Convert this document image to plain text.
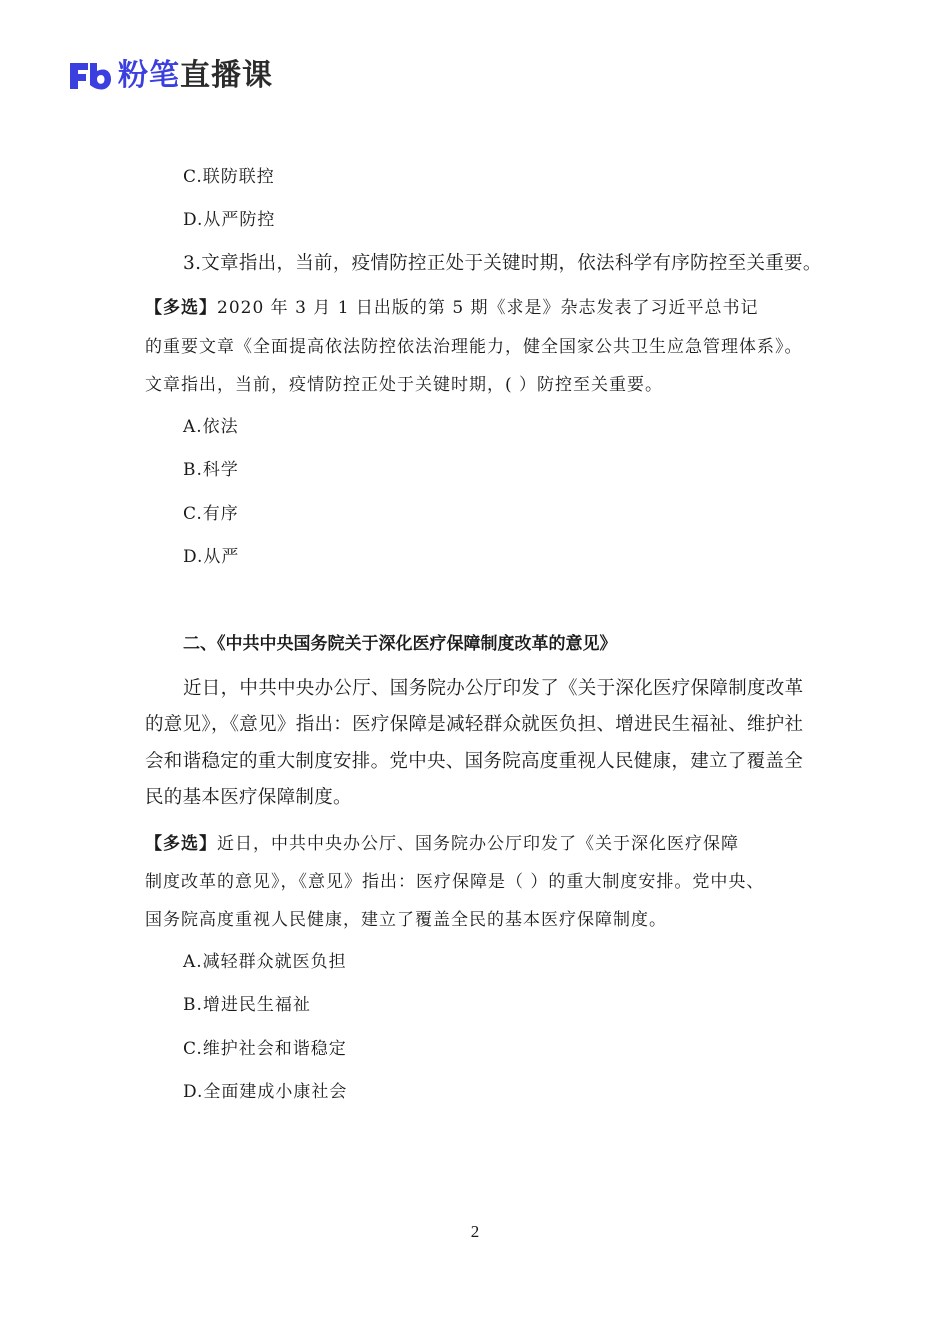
粉笔直播课
C.联防联控
D.从严防控
3.文章指出，当前，疫情防控正处于关键时期，依法科学有序防控至关重要。
【多选】2020 年 3 月 1 日出版的第 5 期《求是》杂志发表了习近平总书记
的重要文章《全面提高依法防控依法治理能力，健全国家公共卫生应急管理体系》。
文章指出，当前，疫情防控正处于关键时期，( ）防控至关重要。
A.依法
B.科学
C.有序
D.从严
二、《中共中央国务院关于深化医疗保障制度改革的意见》
近日，中共中央办公厅、国务院办公厅印发了《关于深化医疗保障制度改革
的意见》，《意见》指出：医疗保障是减轻群众就医负担、增进民生福祉、维护社
会和谐稳定的重大制度安排。党中央、国务院高度重视人民健康，建立了覆盖全
民的基本医疗保障制度。
【多选】近日，中共中央办公厅、国务院办公厅印发了《关于深化医疗保障
制度改革的意见》，《意见》指出：医疗保障是（ ）的重大制度安排。党中央、
国务院高度重视人民健康，建立了覆盖全民的基本医疗保障制度。
A.减轻群众就医负担
B.增进民生福祉
C.维护社会和谐稳定
D.全面建成小康社会
2
